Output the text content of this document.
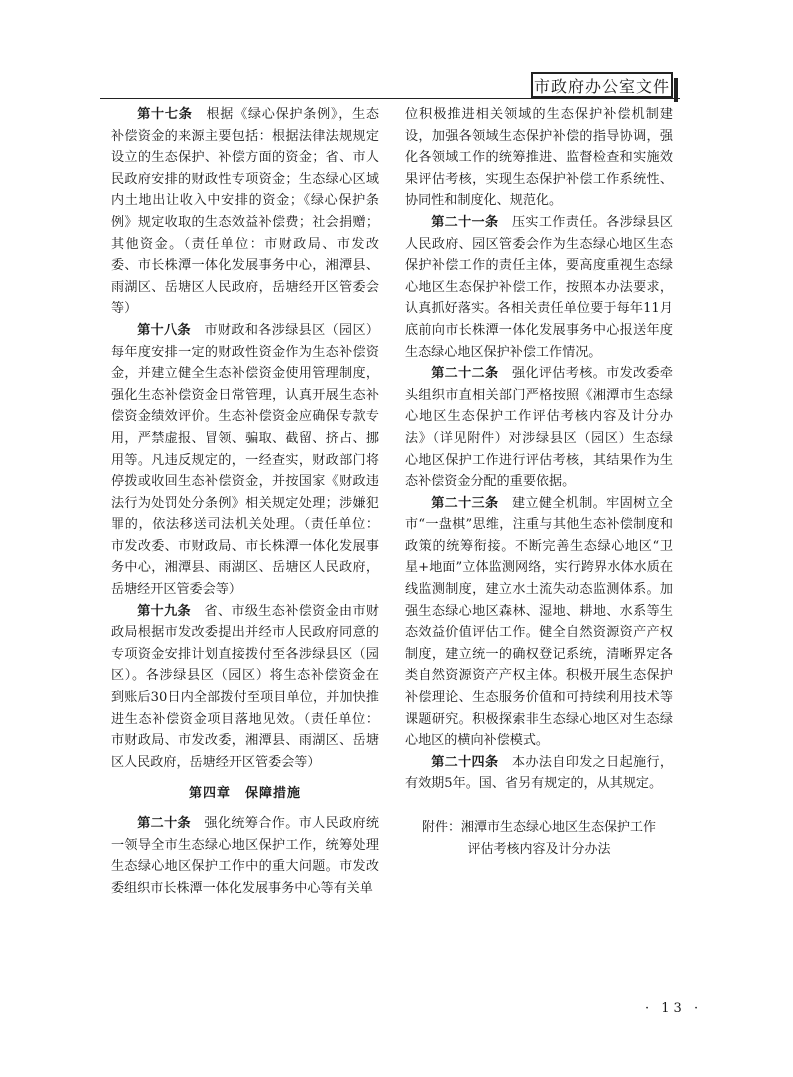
市政府办公室文件

第十七条　 根据《绿心保护条例》，生态补偿资金的来源主要包括：根据法律法规规定设立的生态保护、补偿方面的资金；省、市人民政府安排的财政性专项资金；生态绿心区域内土地出让收入中安排的资金；《绿心保护条例》规定收取的生态效益补偿费；社会捐赠；其他资金。（责任单位：市财政局、市发改委、市长株潭一体化发展事务中心，湘潭县、雨湖区、岳塘区人民政府，岳塘经开区管委会等）

第十八条　 市财政和各涉绿县区（园区）每年度安排一定的财政性资金作为生态补偿资金，并建立健全生态补偿资金使用管理制度，强化生态补偿资金日常管理，认真开展生态补偿资金绩效评价。生态补偿资金应确保专款专用，严禁虚报、冒领、骗取、截留、挤占、挪用等。凡违反规定的，一经查实，财政部门将停拨或收回生态补偿资金，并按国家《财政违法行为处罚处分条例》相关规定处理；涉嫌犯罪的，依法移送司法机关处理。（责任单位：市发改委、市财政局、市长株潭一体化发展事务中心，湘潭县、雨湖区、岳塘区人民政府，岳塘经开区管委会等）

第十九条　 省、市级生态补偿资金由市财政局根据市发改委提出并经市人民政府同意的专项资金安排计划直接拨付至各涉绿县区（园区）。各涉绿县区（园区）将生态补偿资金在到账后30日内全部拨付至项目单位，并加快推进生态补偿资金项目落地见效。（责任单位：市财政局、市发改委，湘潭县、雨湖区、岳塘区人民政府，岳塘经开区管委会等）

第四章　保障措施

第二十条　 强化统筹合作。市人民政府统一领导全市生态绿心地区保护工作，统筹处理生态绿心地区保护工作中的重大问题。市发改委组织市长株潭一体化发展事务中心等有关单

位积极推进相关领域的生态保护补偿机制建设，加强各领域生态保护补偿的指导协调，强化各领域工作的统筹推进、监督检查和实施效果评估考核，实现生态保护补偿工作系统性、协同性和制度化、规范化。

第二十一条　 压实工作责任。各涉绿县区人民政府、园区管委会作为生态绿心地区生态保护补偿工作的责任主体，要高度重视生态绿心地区生态保护补偿工作，按照本办法要求，认真抓好落实。各相关责任单位要于每年11月底前向市长株潭一体化发展事务中心报送年度生态绿心地区保护补偿工作情况。

第二十二条　 强化评估考核。市发改委牵头组织市直相关部门严格按照《湘潭市生态绿心地区生态保护工作评估考核内容及计分办法》（详见附件）对涉绿县区（园区）生态绿心地区保护工作进行评估考核，其结果作为生态补偿资金分配的重要依据。

第二十三条　 建立健全机制。牢固树立全市“一盘棋”思维，注重与其他生态补偿制度和政策的统筹衔接。不断完善生态绿心地区“卫星+地面”立体监测网络，实行跨界水体水质在线监测制度，建立水土流失动态监测体系。加强生态绿心地区森林、湿地、耕地、水系等生态效益价值评估工作。健全自然资源资产产权制度，建立统一的确权登记系统，清晰界定各类自然资源资产产权主体。积极开展生态保护补偿理论、生态服务价值和可持续利用技术等课题研究。积极探索非生态绿心地区对生态绿心地区的横向补偿模式。

第二十四条　 本办法自印发之日起施行，有效期5年。国、省另有规定的，从其规定。

附件：湘潭市生态绿心地区生态保护工作
评估考核内容及计分办法
· 13 ·
